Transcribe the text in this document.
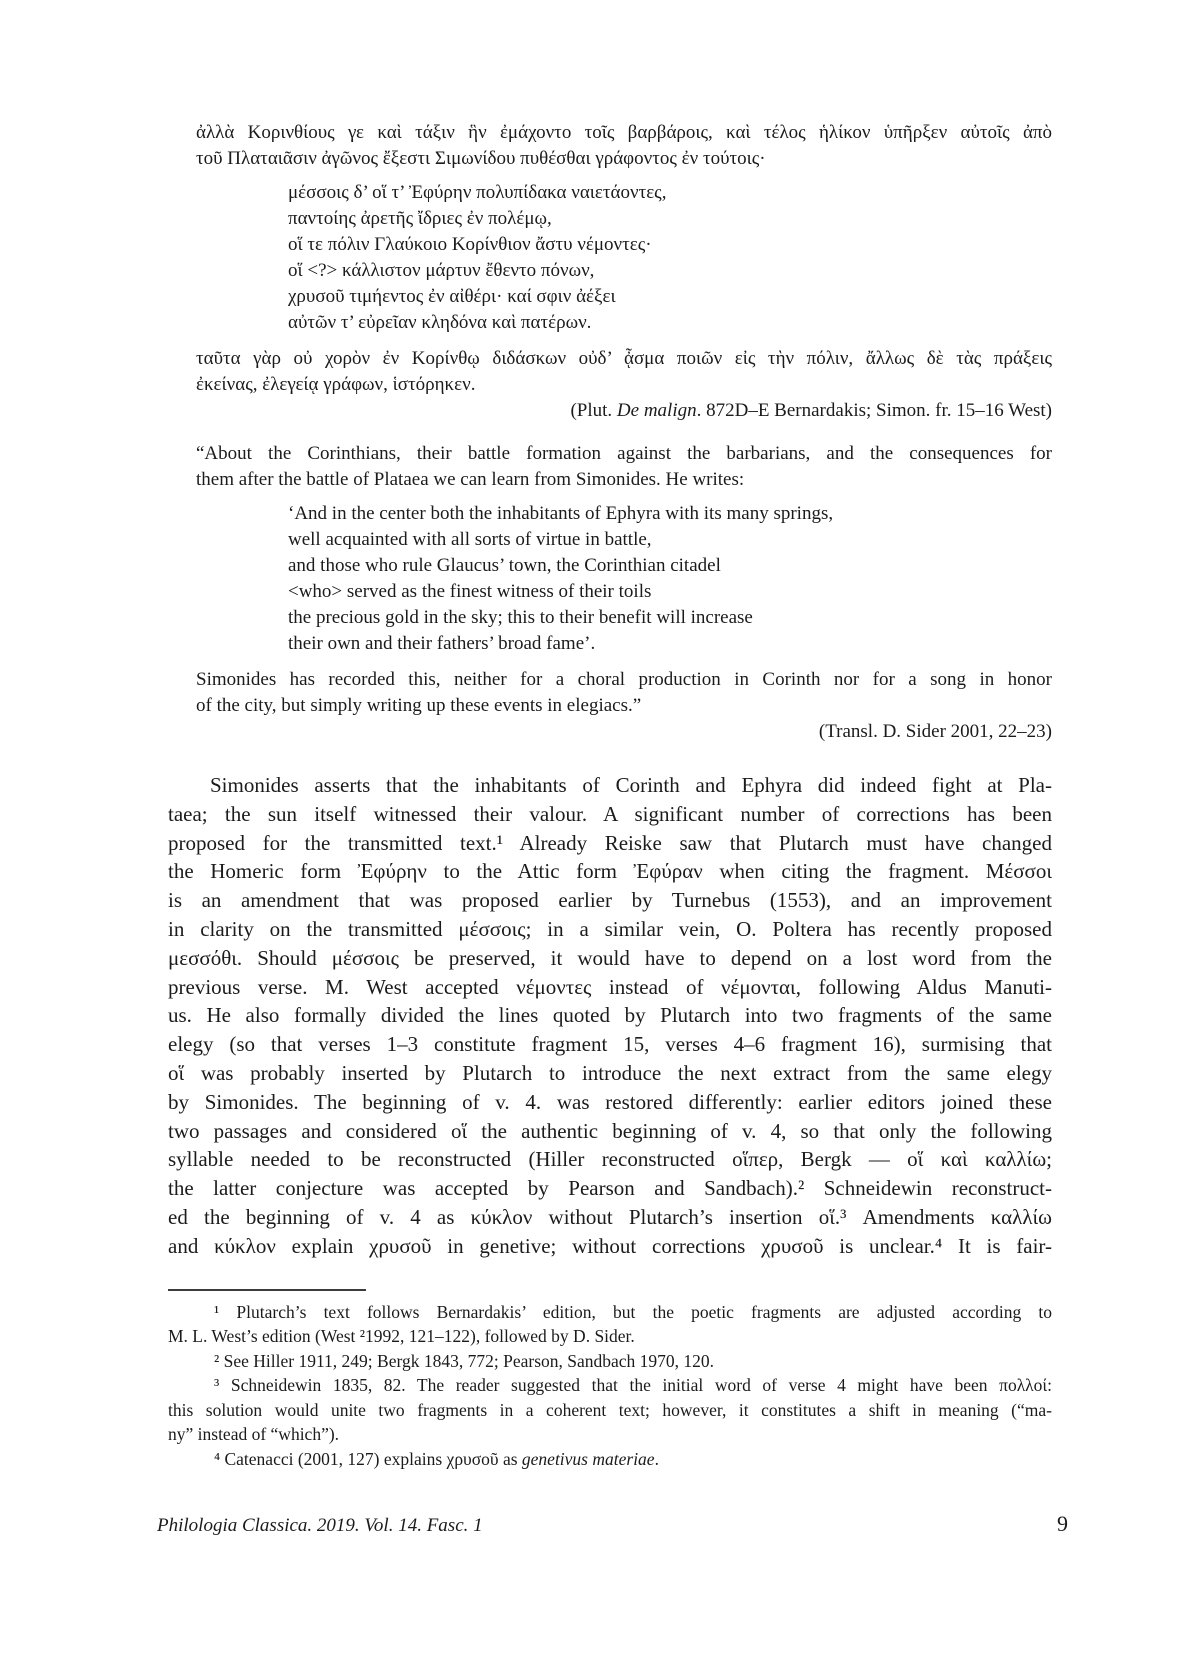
ἀλλὰ Κορινθίους γε καὶ τάξιν ἣν ἐμάχοντο τοῖς βαρβάροις, καὶ τέλος ἡλίκον ὑπῆρξεν αὐτοῖς ἀπὸ
τοῦ Πλαταιᾶσιν ἀγῶνος ἔξεστι Σιμωνίδου πυθέσθαι γράφοντος ἐν τούτοις·
μέσσοις δ’ οἵ τ’ Ἐφύρην πολυπίδακα ναιετάοντες,
παντοίης ἀρετῆς ἴδριες ἐν πολέμῳ,
οἵ τε πόλιν Γλαύκοιο Κορίνθιον ἄστυ νέμοντες·
οἵ <?> κάλλιστον μάρτυν ἔθεντο πόνων,
χρυσοῦ τιμήεντος ἐν αἰθέρι· καί σφιν ἀέξει
αὐτῶν τ’ εὐρεῖαν κληδόνα καὶ πατέρων.
ταῦτα γὰρ οὐ χορὸν ἐν Κορίνθῳ διδάσκων οὐδ’ ᾆσμα ποιῶν εἰς τὴν πόλιν, ἄλλως δὲ τὰς πράξεις
ἐκείνας, ἐλεγείᾳ γράφων, ἱστόρηκεν.
(Plut. De malign. 872D–E Bernardakis; Simon. fr. 15–16 West)
“About the Corinthians, their battle formation against the barbarians, and the consequences for
them after the battle of Plataea we can learn from Simonides. He writes:
‘And in the center both the inhabitants of Ephyra with its many springs,
well acquainted with all sorts of virtue in battle,
and those who rule Glaucus’ town, the Corinthian citadel
<who> served as the finest witness of their toils
the precious gold in the sky; this to their benefit will increase
their own and their fathers’ broad fame’.
Simonides has recorded this, neither for a choral production in Corinth nor for a song in honor
of the city, but simply writing up these events in elegiacs.”
(Transl. D. Sider 2001, 22–23)
Simonides asserts that the inhabitants of Corinth and Ephyra did indeed fight at Pla-
taea; the sun itself witnessed their valour. A significant number of corrections has been
proposed for the transmitted text.¹ Already Reiske saw that Plutarch must have changed
the Homeric form Ἐφύρην to the Attic form Ἐφύραν when citing the fragment. Μέσσοι
is an amendment that was proposed earlier by Turnebus (1553), and an improvement
in clarity on the transmitted μέσσοις; in a similar vein, O. Poltera has recently proposed
μεσσόθι. Should μέσσοις be preserved, it would have to depend on a lost word from the
previous verse. M. West accepted νέμοντες instead of νέμονται, following Aldus Manuti-
us. He also formally divided the lines quoted by Plutarch into two fragments of the same
elegy (so that verses 1–3 constitute fragment 15, verses 4–6 fragment 16), surmising that
οἵ was probably inserted by Plutarch to introduce the next extract from the same elegy
by Simonides. The beginning of v. 4. was restored differently: earlier editors joined these
two passages and considered οἵ the authentic beginning of v. 4, so that only the following
syllable needed to be reconstructed (Hiller reconstructed οἵπερ, Bergk — οἵ καὶ καλλίω;
the latter conjecture was accepted by Pearson and Sandbach).² Schneidewin reconstruct-
ed the beginning of v. 4 as κύκλον without Plutarch’s insertion οἵ.³ Amendments καλλίω
and κύκλον explain χρυσοῦ in genetive; without corrections χρυσοῦ is unclear.⁴ It is fair-
¹ Plutarch’s text follows Bernardakis’ edition, but the poetic fragments are adjusted according to
M. L. West’s edition (West ²1992, 121–122), followed by D. Sider.
² See Hiller 1911, 249; Bergk 1843, 772; Pearson, Sandbach 1970, 120.
³ Schneidewin 1835, 82. The reader suggested that the initial word of verse 4 might have been πολλοί:
this solution would unite two fragments in a coherent text; however, it constitutes a shift in meaning (“ma-
ny” instead of “which”).
⁴ Catenacci (2001, 127) explains χρυσοῦ as genetivus materiae.
Philologia Classica. 2019. Vol. 14. Fasc. 1	9
